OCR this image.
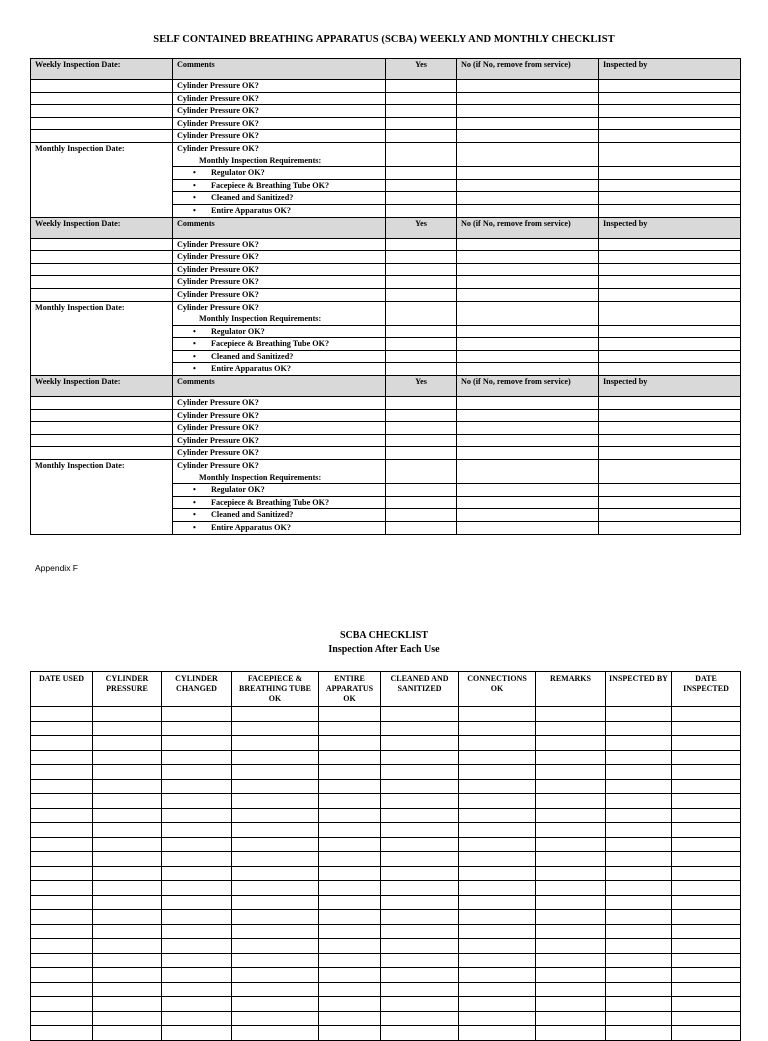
SELF CONTAINED BREATHING APPARATUS (SCBA) WEEKLY AND MONTHLY CHECKLIST
Weekly Inspection Date:	Comments	Yes	No (if No, remove from service)	Inspected by
	Cylinder Pressure OK?			
	Cylinder Pressure OK?			
	Cylinder Pressure OK?			
	Cylinder Pressure OK?			
	Cylinder Pressure OK?			
Monthly Inspection Date:	Cylinder Pressure OK?			
	Monthly Inspection Requirements:			
	• Regulator OK?			
	• Facepiece & Breathing Tube OK?			
	• Cleaned and Sanitized?			
	• Entire Apparatus OK?			
Weekly Inspection Date:	Comments	Yes	No (if No, remove from service)	Inspected by
	Cylinder Pressure OK?			
	Cylinder Pressure OK?			
	Cylinder Pressure OK?			
	Cylinder Pressure OK?			
	Cylinder Pressure OK?			
Monthly Inspection Date:	Cylinder Pressure OK?			
	Monthly Inspection Requirements:			
	• Regulator OK?			
	• Facepiece & Breathing Tube OK?			
	• Cleaned and Sanitized?			
	• Entire Apparatus OK?			
Weekly Inspection Date:	Comments	Yes	No (if No, remove from service)	Inspected by
	Cylinder Pressure OK?			
	Cylinder Pressure OK?			
	Cylinder Pressure OK?			
	Cylinder Pressure OK?			
	Cylinder Pressure OK?			
Monthly Inspection Date:	Cylinder Pressure OK?			
	Monthly Inspection Requirements:			
	• Regulator OK?			
	• Facepiece & Breathing Tube OK?			
	• Cleaned and Sanitized?			
	• Entire Apparatus OK?			
Appendix F
SCBA CHECKLIST
Inspection After Each Use
DATE USED	CYLINDER PRESSURE	CYLINDER CHANGED	FACEPIECE & BREATHING TUBE OK	ENTIRE APPARATUS OK	CLEANED AND SANITIZED	CONNECTIONS OK	REMARKS	INSPECTED BY	DATE INSPECTED
